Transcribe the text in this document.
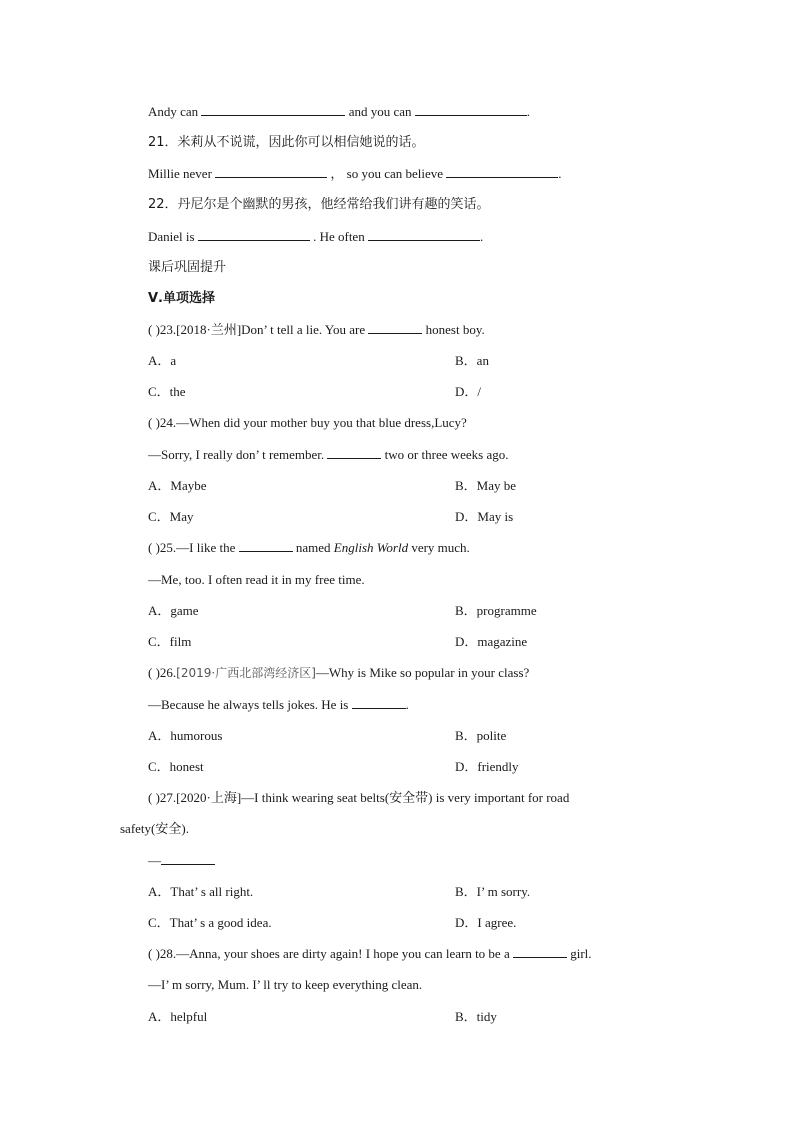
Andy can	and you can	.
21．米莉从不说谎，因此你可以相信她说的话。
Millie never	， so you can believe	.
22．丹尼尔是个幽默的男孩，他经常给我们讲有趣的笑话。
Daniel is	. He often	.
课后巩固提升
Ⅴ.单项选择
( )23.[2018·兰州]Don’ t tell a lie. You are	honest boy.
A．a	B．an
C．the	D．/
( )24.—When did your mother buy you that blue dress,Lucy?
—Sorry, I really don’ t remember.	two or three weeks ago.
A．Maybe	B．May be
C．May	D．May is
( )25.—I like the	named English World very much.
—Me, too. I often read it in my free time.
A．game	B．programme
C．film	D．magazine
( )26.[2019·广西北部湾经济区]—Why is Mike so popular in your class?
—Because he always tells jokes. He is	.
A．humorous	B．polite
C．honest	D．friendly
( )27.[2020·上海]—I think wearing seat belts(安全带) is very important for road
safety(安全).
—
A．That’ s all right.	B．I’ m sorry.
C．That’ s a good idea.	D．I agree.
( )28.—Anna, your shoes are dirty again! I hope you can learn to be a	girl.
—I’ m sorry, Mum. I’ ll try to keep everything clean.
A．helpful	B．tidy
